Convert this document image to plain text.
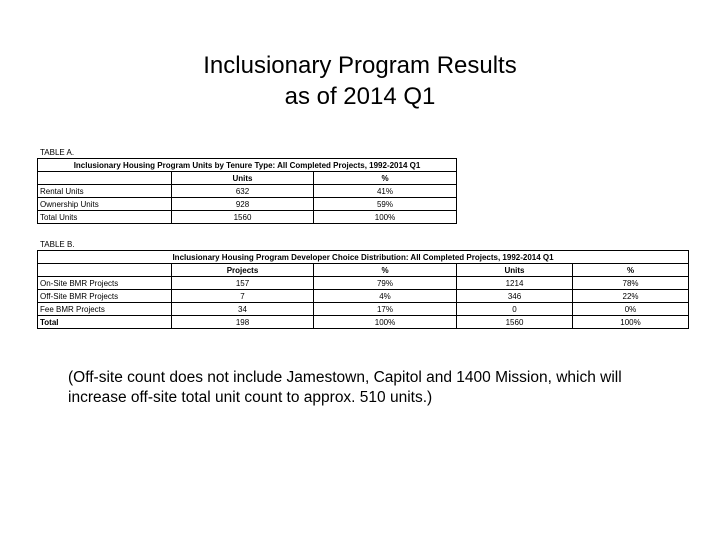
Inclusionary Program Results
as of 2014 Q1
TABLE A.
Inclusionary Housing Program Units by Tenure Type: All Completed Projects, 1992-2014 Q1		
	Units	%
Rental Units	632	41%
Ownership Units	928	59%
Total Units	1560	100%
TABLE B.
Inclusionary Housing Program Developer Choice Distribution: All Completed Projects, 1992-2014 Q1				
	Projects	%	Units	%
On-Site BMR Projects	157	79%	1214	78%
Off-Site BMR Projects	7	4%	346	22%
Fee BMR Projects	34	17%	0	0%
Total	198	100%	1560	100%
(Off-site count does not include Jamestown, Capitol and 1400 Mission, which will increase off-site total unit count to approx. 510 units.)
